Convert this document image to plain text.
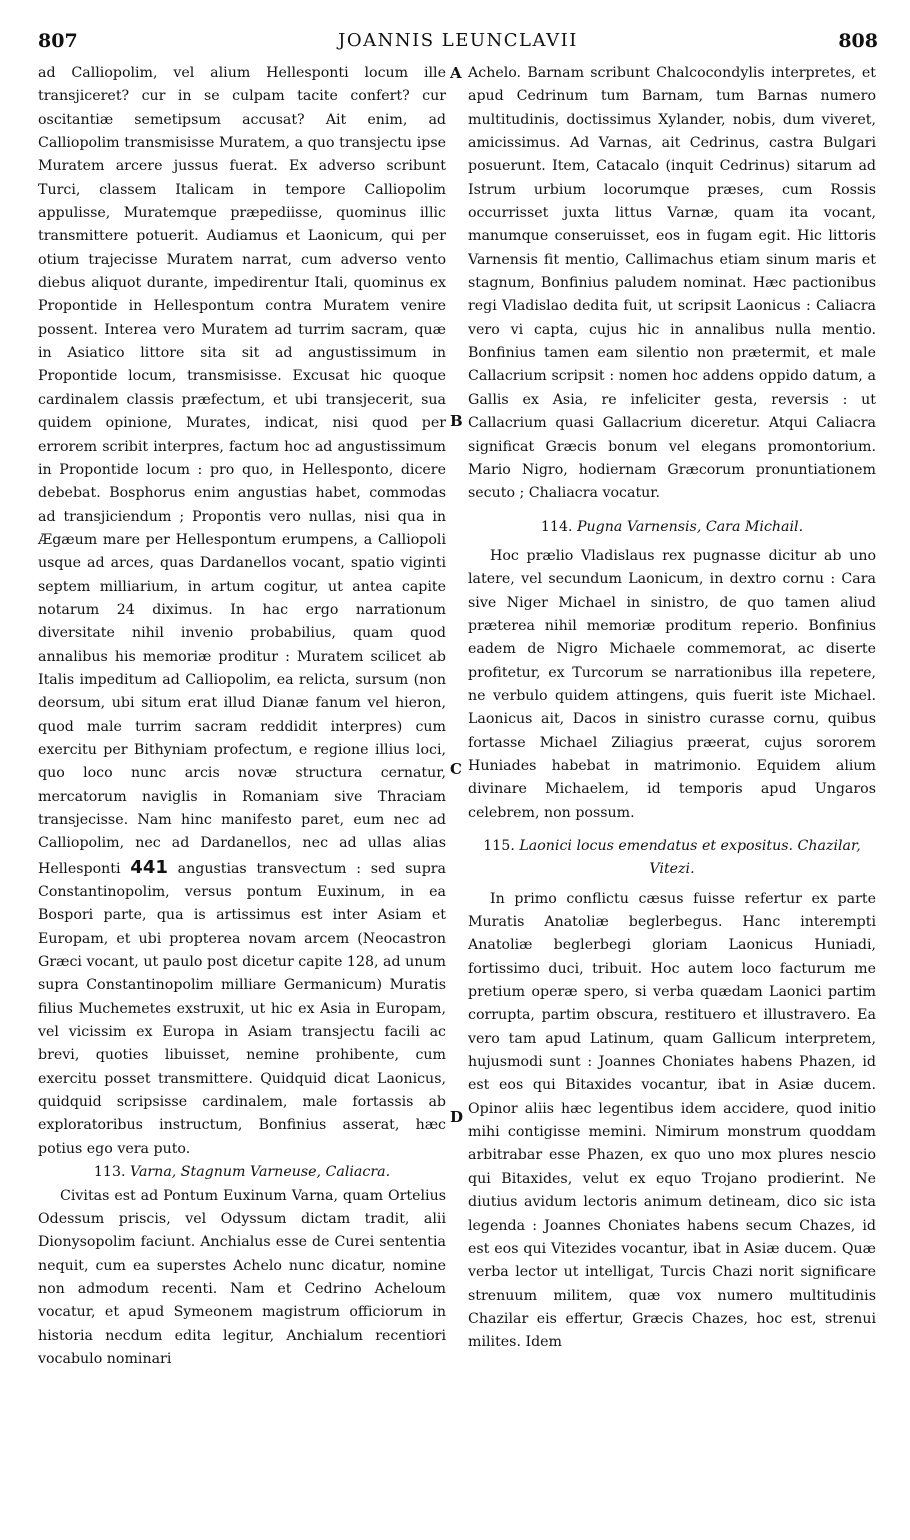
807	JOANNIS LEUNCLAVII	808
A
B
C
D

ad Calliopolim, vel alium Hellesponti locum ille transjiceret? cur in se culpam tacite confert? cur oscitantiæ semetipsum accusat? Ait enim, ad Calliopolim transmisisse Muratem, a quo transjectu ipse Muratem arcere jussus fuerat. Ex adverso scribunt Turci, classem Italicam in tempore Calliopolim appulisse, Muratemque præpediisse, quominus illic transmittere potuerit. Audiamus et Laonicum, qui per otium trajecisse Muratem narrat, cum adverso vento diebus aliquot durante, impedirentur Itali, quominus ex Propontide in Hellespontum contra Muratem venire possent. Interea vero Muratem ad turrim sacram, quæ in Asiatico littore sita sit ad angustissimum in Propontide locum, transmisisse. Excusat hic quoque cardinalem classis præfectum, et ubi transjecerit, sua quidem opinione, Murates, indicat, nisi quod per errorem scribit interpres, factum hoc ad angustissimum in Propontide locum : pro quo, in Hellesponto, dicere debebat. Bosphorus enim angustias habet, commodas ad transjiciendum ; Propontis vero nullas, nisi qua in Ægæum mare per Hellespontum erumpens, a Calliopoli usque ad arces, quas Dardanellos vocant, spatio viginti septem milliarium, in artum cogitur, ut antea capite notarum 24 diximus. In hac ergo narrationum diversitate nihil invenio probabilius, quam quod annalibus his memoriæ proditur : Muratem scilicet ab Italis impeditum ad Calliopolim, ea relicta, sursum (non deorsum, ubi situm erat illud Dianæ fanum vel hieron, quod male turrim sacram reddidit interpres) cum exercitu per Bithyniam profectum, e regione illius loci, quo loco nunc arcis novæ structura cernatur, mercatorum naviglis in Romaniam sive Thraciam transjecisse. Nam hinc manifesto paret, eum nec ad Calliopolim, nec ad Dardanellos, nec ad ullas alias Hellesponti 441 angustias transvectum : sed supra Constantinopolim, versus pontum Euxinum, in ea Bospori parte, qua is artissimus est inter Asiam et Europam, et ubi propterea novam arcem (Neocastron Græci vocant, ut paulo post dicetur capite 128, ad unum supra Constantinopolim milliare Germanicum) Muratis filius Muchemetes exstruxit, ut hic ex Asia in Europam, vel vicissim ex Europa in Asiam transjectu facili ac brevi, quoties libuisset, nemine prohibente, cum exercitu posset transmittere. Quidquid dicat Laonicus, quidquid scripsisse cardinalem, male fortassis ab exploratoribus instructum, Bonfinius asserat, hæc potius ego vera puto.

113. Varna, Stagnum Varneuse, Caliacra.

Civitas est ad Pontum Euxinum Varna, quam Ortelius Odessum priscis, vel Odyssum dictam tradit, alii Dionysopolim faciunt. Anchialus esse de Curei sententia nequit, cum ea superstes Achelo nunc dicatur, nomine non admodum recenti. Nam et Cedrino Acheloum vocatur, et apud Symeonem magistrum officiorum in historia necdum edita legitur, Anchialum recentiori vocabulo nominari

Achelo. Barnam scribunt Chalcocondylis interpretes, et apud Cedrinum tum Barnam, tum Barnas numero multitudinis, doctissimus Xylander, nobis, dum viveret, amicissimus. Ad Varnas, ait Cedrinus, castra Bulgari posuerunt. Item, Catacalo (inquit Cedrinus) sitarum ad Istrum urbium locorumque præses, cum Rossis occurrisset juxta littus Varnæ, quam ita vocant, manumque conseruisset, eos in fugam egit. Hic littoris Varnensis fit mentio, Callimachus etiam sinum maris et stagnum, Bonfinius paludem nominat. Hæc pactionibus regi Vladislao dedita fuit, ut scripsit Laonicus : Caliacra vero vi capta, cujus hic in annalibus nulla mentio. Bonfinius tamen eam silentio non prætermit, et male Callacrium scripsit : nomen hoc addens oppido datum, a Gallis ex Asia, re infeliciter gesta, reversis : ut Callacrium quasi Gallacrium diceretur. Atqui Caliacra significat Græcis bonum vel elegans promontorium. Mario Nigro, hodiernam Græcorum pronuntiationem secuto ; Chaliacra vocatur.

114. Pugna Varnensis, Cara Michail.

Hoc prælio Vladislaus rex pugnasse dicitur ab uno latere, vel secundum Laonicum, in dextro cornu : Cara sive Niger Michael in sinistro, de quo tamen aliud præterea nihil memoriæ proditum reperio. Bonfinius eadem de Nigro Michaele commemorat, ac diserte profitetur, ex Turcorum se narrationibus illa repetere, ne verbulo quidem attingens, quis fuerit iste Michael. Laonicus ait, Dacos in sinistro curasse cornu, quibus fortasse Michael Ziliagius præerat, cujus sororem Huniades habebat in matrimonio. Equidem alium divinare Michaelem, id temporis apud Ungaros celebrem, non possum.

115. Laonici locus emendatus et expositus. Chazilar, Vitezi.

In primo conflictu cæsus fuisse refertur ex parte Muratis Anatoliæ beglerbegus. Hanc interempti Anatoliæ beglerbegi gloriam Laonicus Huniadi, fortissimo duci, tribuit. Hoc autem loco facturum me pretium operæ spero, si verba quædam Laonici partim corrupta, partim obscura, restituero et illustravero. Ea vero tam apud Latinum, quam Gallicum interpretem, hujusmodi sunt : Joannes Choniates habens Phazen, id est eos qui Bitaxides vocantur, ibat in Asiæ ducem. Opinor aliis hæc legentibus idem accidere, quod initio mihi contigisse memini. Nimirum monstrum quoddam arbitrabar esse Phazen, ex quo uno mox plures nescio qui Bitaxides, velut ex equo Trojano prodierint. Ne diutius avidum lectoris animum detineam, dico sic ista legenda : Joannes Choniates habens secum Chazes, id est eos qui Vitezides vocantur, ibat in Asiæ ducem. Quæ verba lector ut intelligat, Turcis Chazi norit significare strenuum militem, quæ vox numero multitudinis Chazilar eis effertur, Græcis Chazes, hoc est, strenui milites. Idem
